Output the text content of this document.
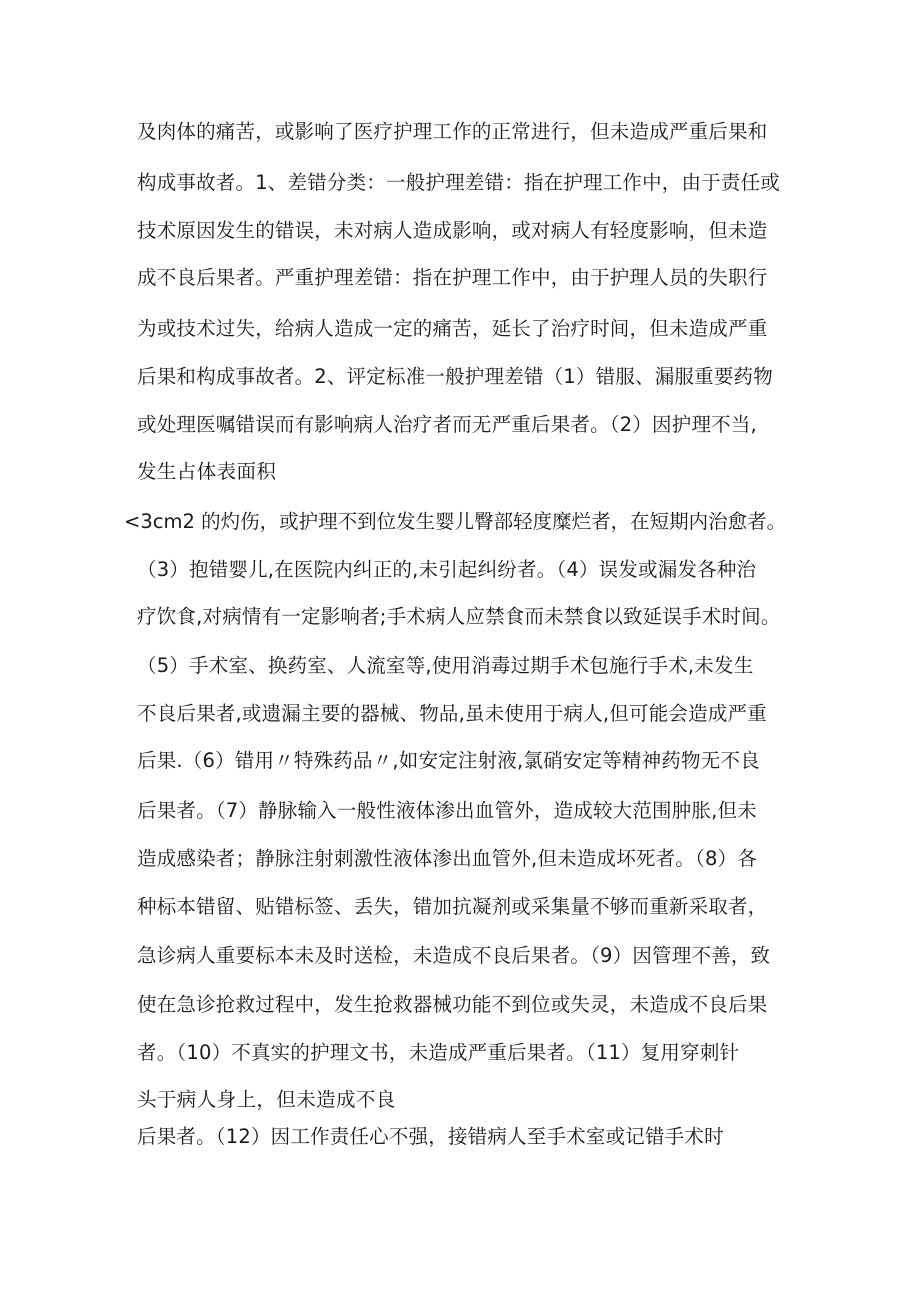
及肉体的痛苦，或影响了医疗护理工作的正常进行，但未造成严重后果和
构成事故者。1、差错分类：一般护理差错：指在护理工作中，由于责任或
技术原因发生的错误，未对病人造成影响，或对病人有轻度影响，但未造
成不良后果者。严重护理差错：指在护理工作中，由于护理人员的失职行
为或技术过失，给病人造成一定的痛苦，延长了治疗时间，但未造成严重
后果和构成事故者。2、评定标准一般护理差错（1）错服、漏服重要药物
或处理医嘱错误而有影响病人治疗者而无严重后果者。（2）因护理不当,
发生占体表面积
<3cm2 的灼伤，或护理不到位发生婴儿臀部轻度糜烂者，在短期内治愈者。
（3）抱错婴儿,在医院内纠正的,未引起纠纷者。（4）误发或漏发各种治
疗饮食,对病情有一定影响者;手术病人应禁食而未禁食以致延误手术时间。
（5）手术室、换药室、人流室等,使用消毒过期手术包施行手术,未发生
不良后果者,或遗漏主要的器械、物品,虽未使用于病人,但可能会造成严重
后果.（6）错用〃特殊药品〃,如安定注射液,氯硝安定等精神药物无不良
后果者。（7）静脉输入一般性液体渗出血管外，造成较大范围肿胀,但未
造成感染者；静脉注射刺激性液体渗出血管外,但未造成坏死者。（8）各
种标本错留、贴错标签、丢失，错加抗凝剂或采集量不够而重新采取者，
急诊病人重要标本未及时送检，未造成不良后果者。（9）因管理不善，致
使在急诊抢救过程中，发生抢救器械功能不到位或失灵，未造成不良后果
者。（10）不真实的护理文书，未造成严重后果者。（11）复用穿刺针
头于病人身上，但未造成不良
后果者。（12）因工作责任心不强，接错病人至手术室或记错手术时
